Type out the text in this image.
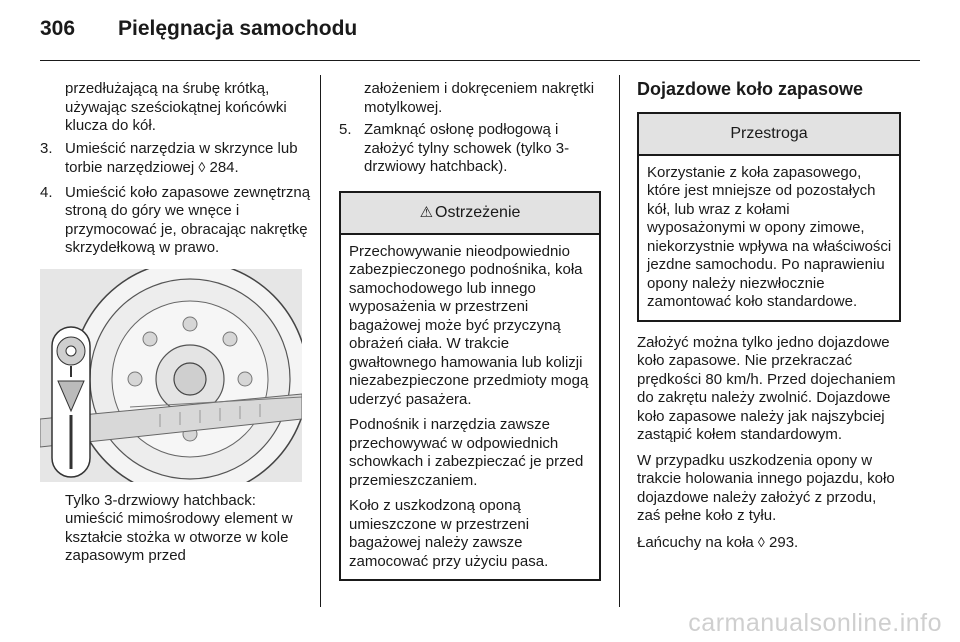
306 Pielęgnacja samochodu

przedłużającą na śrubę krótką, używając sześciokątnej końcówki klucza do kół.

3. Umieścić narzędzia w skrzynce lub torbie narzędziowej ◊ 284.
4. Umieścić koło zapasowe zewnętrzną stroną do góry we wnęce i przymocować je, obracając nakrętkę skrzydełkową w prawo.

Tylko 3-drzwiowy hatchback: umieścić mimośrodowy element w kształcie stożka w otworze w kole zapasowym przed

założeniem i dokręceniem nakrętki motylkowej.

5. Zamknąć osłonę podłogową i założyć tylny schowek (tylko 3-drzwiowy hatchback).
⚠ Ostrzeżenie

Przechowywanie nieodpowiednio zabezpieczonego podnośnika, koła samochodowego lub innego wyposażenia w przestrzeni bagażowej może być przyczyną obrażeń ciała. W trakcie gwałtownego hamowania lub kolizji niezabezpieczone przedmioty mogą uderzyć pasażera.

Podnośnik i narzędzia zawsze przechowywać w odpowiednich schowkach i zabezpieczać je przed przemieszczaniem.

Koło z uszkodzoną oponą umieszczone w przestrzeni bagażowej należy zawsze zamocować przy użyciu pasa.

Dojazdowe koło zapasowe
Przestroga

Korzystanie z koła zapasowego, które jest mniejsze od pozostałych kół, lub wraz z kołami wyposażonymi w opony zimowe, niekorzystnie wpływa na właściwości jezdne samochodu. Po naprawieniu opony należy niezwłocznie zamontować koło standardowe.

Założyć można tylko jedno dojazdowe koło zapasowe. Nie przekraczać prędkości 80 km/h. Przed dojechaniem do zakrętu należy zwolnić. Dojazdowe koło zapasowe należy jak najszybciej zastąpić kołem standardowym.

W przypadku uszkodzenia opony w trakcie holowania innego pojazdu, koło dojazdowe należy założyć z przodu, zaś pełne koło z tyłu.

Łańcuchy na koła ◊ 293.

carmanualsonline.info
